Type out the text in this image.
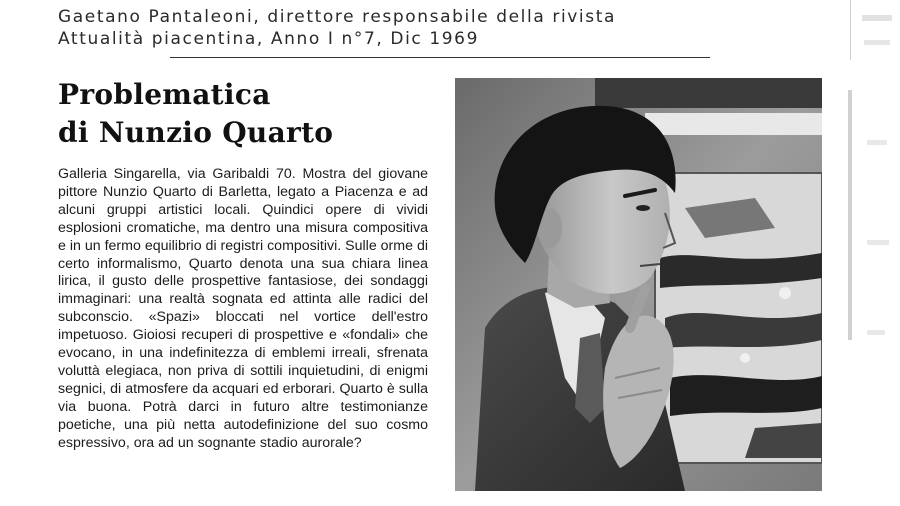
Gaetano Pantaleoni, direttore responsabile della rivista
Attualità piacentina, Anno I n°7, Dic 1969
Problematica
di Nunzio Quarto

Galleria Singarella, via Garibaldi 70. Mostra del giovane pittore Nunzio Quarto di Barletta, legato a Piacenza e ad alcuni gruppi artistici locali. Quindici opere di vividi esplosioni cromatiche, ma dentro una misura compositiva e in un fermo equilibrio di registri compositivi. Sulle orme di certo informalismo, Quarto denota una sua chiara linea lirica, il gusto delle prospettive fantasiose, dei sondaggi immaginari: una realtà sognata ed attinta alle radici del subconscio. «Spazi» bloccati nel vortice dell'estro impetuoso. Gioiosi recuperi di prospettive e «fondali» che evocano, in una indefinitezza di emblemi irreali, sfrenata voluttà elegiaca, non priva di sottili inquietudini, di enigmi segnici, di atmosfere da acquari ed erborari. Quarto è sulla via buona. Potrà darci in futuro altre testimonianze poetiche, una più netta autodefinizione del suo cosmo espressivo, ora ad un sognante stadio aurorale?
